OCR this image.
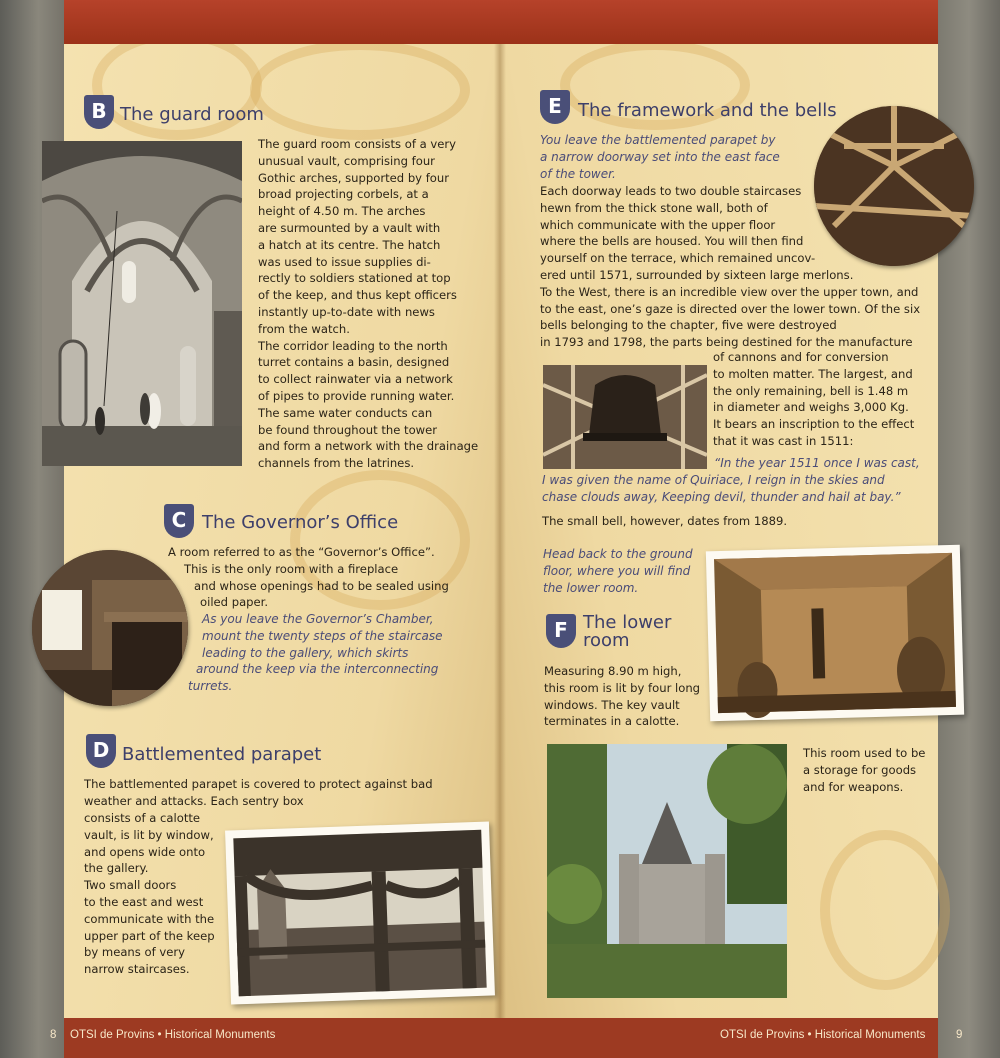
8 OTSI de Provins • Historical Monuments	OTSI de Provins • Historical Monuments	9
B The guard room
The guard room consists of a very
unusual vault, comprising four
Gothic arches, supported by four
broad projecting corbels, at a
height of 4.50 m. The arches
are surmounted by a vault with
a hatch at its centre. The hatch
was used to issue supplies di-
rectly to soldiers stationed at top
of the keep, and thus kept officers
instantly up-to-date with news
from the watch.
The corridor leading to the north
turret contains a basin, designed
to collect rainwater via a network
of pipes to provide running water.
The same water conducts can
be found throughout the tower
and form a network with the drainage
channels from the latrines.
C The Governor’s Office
A room referred to as the “Governor’s Office”.
This is the only room with a fireplace
and whose openings had to be sealed using
oiled paper.
As you leave the Governor’s Chamber,
mount the twenty steps of the staircase
leading to the gallery, which skirts
around the keep via the interconnecting
turrets.
D Battlemented parapet
The battlemented parapet is covered to protect against bad
weather and attacks. Each sentry box
consists of a calotte
vault, is lit by window,
and opens wide onto
the gallery.
Two small doors
to the east and west
communicate with the
upper part of the keep
by means of very
narrow staircases.
E The framework and the bells
You leave the battlemented parapet by
a narrow doorway set into the east face
of the tower.
Each doorway leads to two double staircases
hewn from the thick stone wall, both of
which communicate with the upper floor
where the bells are housed. You will then find
yourself on the terrace, which remained uncov-
ered until 1571, surrounded by sixteen large merlons.
To the West, there is an incredible view over the upper town, and
to the east, one’s gaze is directed over the lower town. Of the six
bells belonging to the chapter, five were destroyed
in 1793 and 1798, the parts being destined for the manufacture
of cannons and for conversion
to molten matter. The largest, and
the only remaining, bell is 1.48 m
in diameter and weighs 3,000 Kg.
It bears an inscription to the effect
that it was cast in 1511:
“In the year 1511 once I was cast,
I was given the name of Quiriace, I reign in the skies and
chase clouds away, Keeping devil, thunder and hail at bay.”
The small bell, however, dates from 1889.
Head back to the ground
floor, where you will find
the lower room.
F The lower
room
Measuring 8.90 m high,
this room is lit by four long
windows. The key vault
terminates in a calotte.
This room used to be
a storage for goods
and for weapons.
